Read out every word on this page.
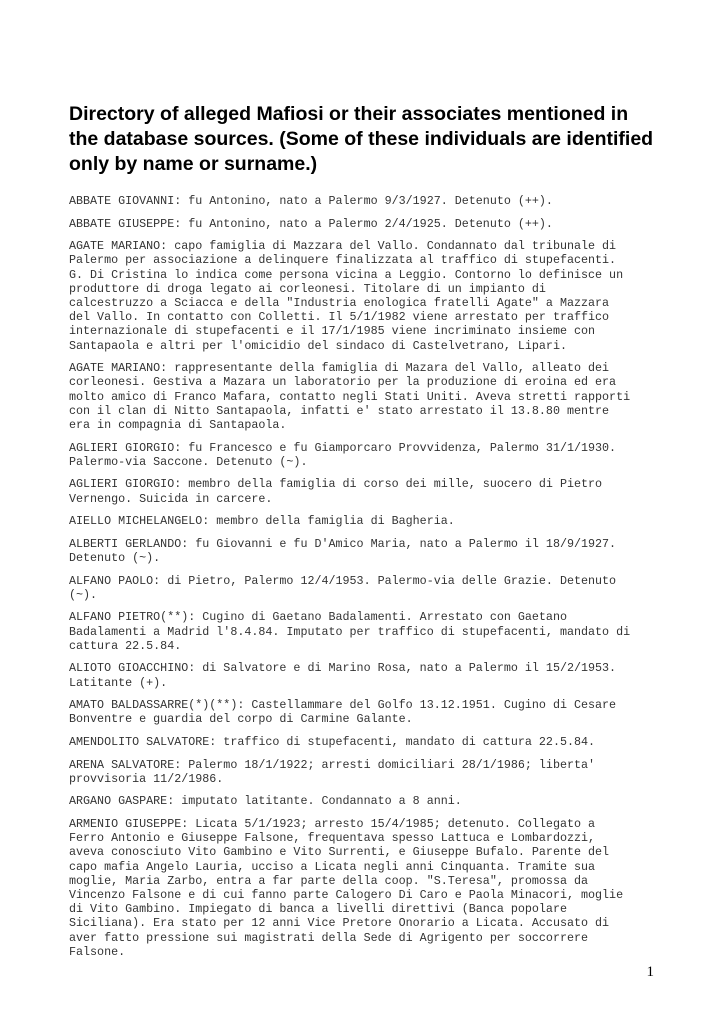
Directory of alleged Mafiosi or their associates mentioned in
the database sources. (Some of these individuals are identified
only by name or surname.)

ABBATE GIOVANNI: fu Antonino, nato a Palermo 9/3/1927. Detenuto (++).

ABBATE GIUSEPPE: fu Antonino, nato a Palermo 2/4/1925. Detenuto (++).

AGATE MARIANO: capo famiglia di Mazzara del Vallo. Condannato dal tribunale di
Palermo per associazione a delinquere finalizzata al traffico di stupefacenti.
G. Di Cristina lo indica come persona vicina a Leggio. Contorno lo definisce un
produttore di droga legato ai corleonesi. Titolare di un impianto di
calcestruzzo a Sciacca e della "Industria enologica fratelli Agate" a Mazzara
del Vallo. In contatto con Colletti. Il 5/1/1982 viene arrestato per traffico
internazionale di stupefacenti e il 17/1/1985 viene incriminato insieme con
Santapaola e altri per l'omicidio del sindaco di Castelvetrano, Lipari.

AGATE MARIANO: rappresentante della famiglia di Mazara del Vallo, alleato dei
corleonesi. Gestiva a Mazara un laboratorio per la produzione di eroina ed era
molto amico di Franco Mafara, contatto negli Stati Uniti. Aveva stretti rapporti
con il clan di Nitto Santapaola, infatti e' stato arrestato il 13.8.80 mentre
era in compagnia di Santapaola.

AGLIERI GIORGIO: fu Francesco e fu Giamporcaro Provvidenza, Palermo 31/1/1930.
Palermo-via Saccone. Detenuto (~).

AGLIERI GIORGIO: membro della famiglia di corso dei mille, suocero di Pietro
Vernengo. Suicida in carcere.

AIELLO MICHELANGELO: membro della famiglia di Bagheria.

ALBERTI GERLANDO: fu Giovanni e fu D'Amico Maria, nato a Palermo il 18/9/1927.
Detenuto (~).

ALFANO PAOLO: di Pietro, Palermo 12/4/1953. Palermo-via delle Grazie. Detenuto
(~).

ALFANO PIETRO(**): Cugino di Gaetano Badalamenti. Arrestato con Gaetano
Badalamenti a Madrid l'8.4.84. Imputato per traffico di stupefacenti, mandato di
cattura 22.5.84.

ALIOTO GIOACCHINO: di Salvatore e di Marino Rosa, nato a Palermo il 15/2/1953.
Latitante (+).

AMATO BALDASSARRE(*)(**): Castellammare del Golfo 13.12.1951. Cugino di Cesare
Bonventre e guardia del corpo di Carmine Galante.

AMENDOLITO SALVATORE: traffico di stupefacenti, mandato di cattura 22.5.84.

ARENA SALVATORE: Palermo 18/1/1922; arresti domiciliari 28/1/1986; liberta'
provvisoria 11/2/1986.

ARGANO GASPARE: imputato latitante. Condannato a 8 anni.

ARMENIO GIUSEPPE: Licata 5/1/1923; arresto 15/4/1985; detenuto. Collegato a
Ferro Antonio e Giuseppe Falsone, frequentava spesso Lattuca e Lombardozzi,
aveva conosciuto Vito Gambino e Vito Surrenti, e Giuseppe Bufalo. Parente del
capo mafia Angelo Lauria, ucciso a Licata negli anni Cinquanta. Tramite sua
moglie, Maria Zarbo, entra a far parte della coop. "S.Teresa", promossa da
Vincenzo Falsone e di cui fanno parte Calogero Di Caro e Paola Minacori, moglie
di Vito Gambino. Impiegato di banca a livelli direttivi (Banca popolare
Siciliana). Era stato per 12 anni Vice Pretore Onorario a Licata. Accusato di
aver fatto pressione sui magistrati della Sede di Agrigento per soccorrere
Falsone.

1
